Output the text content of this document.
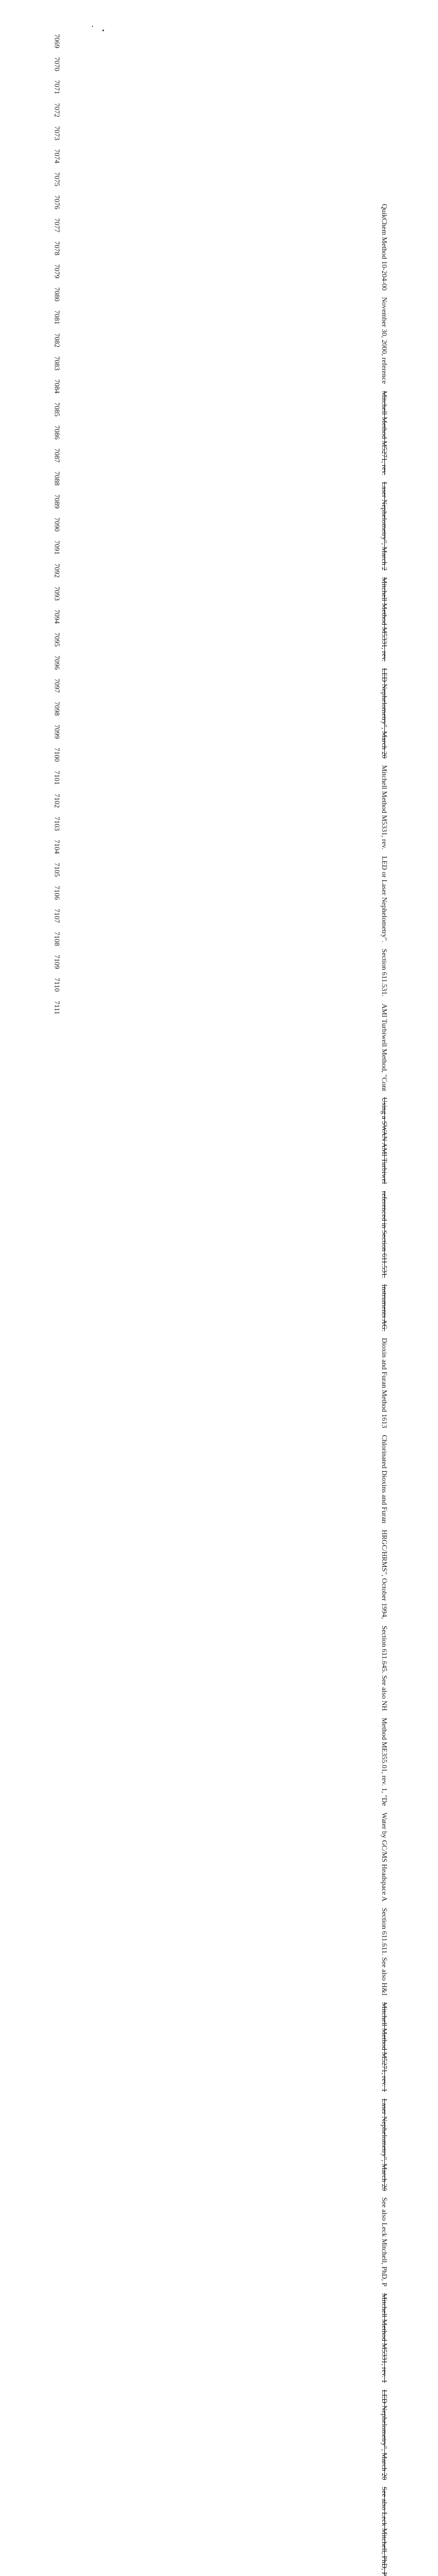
7069
7070
7071
7072
7073
7074
7075
7076
7077
7078
7079
7080
7081
7082
7083
7084
7085
7086
7087
7088
7089
7090
7091
7092
7093
7094
7095
7096
7097
7098
7099
7100
7101
7102
7103
7104
7105
7106
7107
7108
7109
7110
7111
QuikChem Method 10-204-00
November 30, 2000, reference
Mitchell Method M5271, rev.
Laser Nephelometry", March 2
Mitchell Method M5331, rev.
LED Nephelometry", March 20
Mitchell Method M5331, rev.
LED or Laser Nephelometry".
Section 611.531.
AMI Turbiwell Method, "Cont
Using a SWAN AMI Turbiwel
referenced in Section 611.531.
Instruments AG.
Dioxin and Furan Method 1613
Chlorinated Dioxins and Furan
HRGC/HRMS", October 1994,
Section 611.645. See also NH
Method ME355.01, rev. 1, "De
Water by GC/MS Headspace A
Section 611.611. See also H&I
Mitchell Method M5271, rev. 1
Laser Nephelometry", March 20
See also Leck Mitchell, PhD, P
Mitchell Method M5331, rev. 1
LED Nephelometry", March 20
See also Leck Mitchell, PhD, P
